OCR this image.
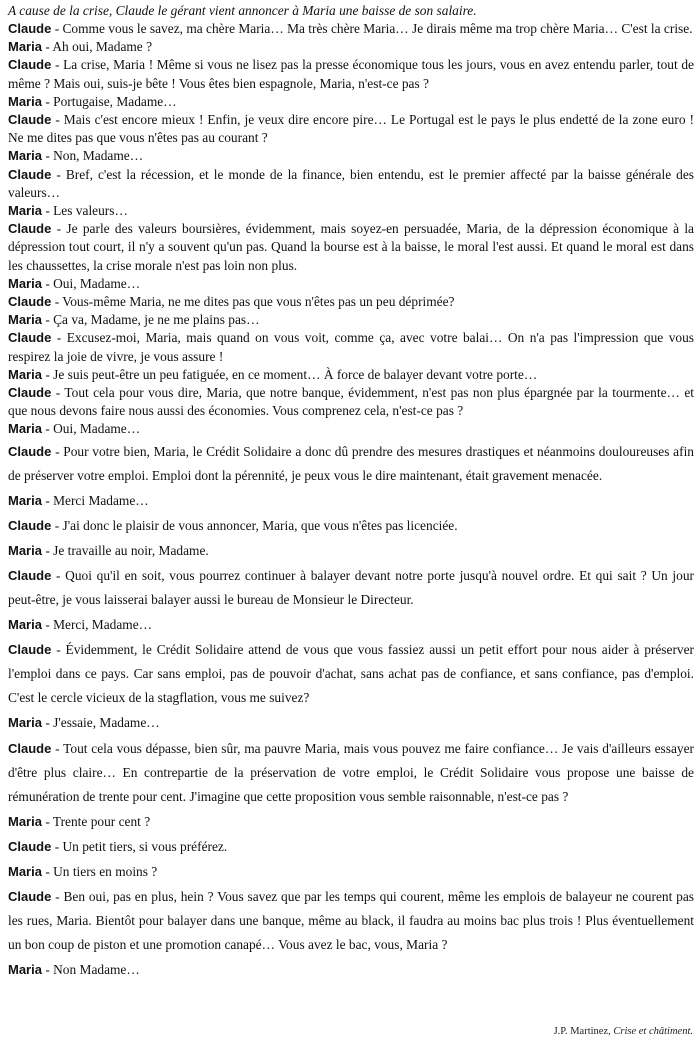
A cause de la crise, Claude le gérant vient annoncer à Maria une baisse de son salaire.

Claude - Comme vous le savez, ma chère Maria… Ma très chère Maria… Je dirais même ma trop chère Maria… C'est la crise.

Maria - Ah oui, Madame ?

Claude - La crise, Maria ! Même si vous ne lisez pas la presse économique tous les jours, vous en avez entendu parler, tout de même ? Mais oui, suis-je bête ! Vous êtes bien espagnole, Maria, n'est-ce pas ?

Maria - Portugaise, Madame…

Claude - Mais c'est encore mieux ! Enfin, je veux dire encore pire… Le Portugal est le pays le plus endetté de la zone euro ! Ne me dites pas que vous n'êtes pas au courant ?

Maria - Non, Madame…

Claude - Bref, c'est la récession, et le monde de la finance, bien entendu, est le premier affecté par la baisse générale des valeurs…

Maria - Les valeurs…

Claude - Je parle des valeurs boursières, évidemment, mais soyez-en persuadée, Maria, de la dépression économique à la dépression tout court, il n'y a souvent qu'un pas. Quand la bourse est à la baisse, le moral l'est aussi. Et quand le moral est dans les chaussettes, la crise morale n'est pas loin non plus.

Maria - Oui, Madame…

Claude - Vous-même Maria, ne me dites pas que vous n'êtes pas un peu déprimée?

Maria - Ça va, Madame, je ne me plains pas…

Claude - Excusez-moi, Maria, mais quand on vous voit, comme ça, avec votre balai… On n'a pas l'impression que vous respirez la joie de vivre, je vous assure !

Maria - Je suis peut-être un peu fatiguée, en ce moment… À force de balayer devant votre porte…

Claude - Tout cela pour vous dire, Maria, que notre banque, évidemment, n'est pas non plus épargnée par la tourmente… et que nous devons faire nous aussi des économies. Vous comprenez cela, n'est-ce pas ?

Maria - Oui, Madame…

Claude - Pour votre bien, Maria, le Crédit Solidaire a donc dû prendre des mesures drastiques et néanmoins douloureuses afin de préserver votre emploi. Emploi dont la pérennité, je peux vous le dire maintenant, était gravement menacée.

Maria - Merci Madame…

Claude - J'ai donc le plaisir de vous annoncer, Maria, que vous n'êtes pas licenciée.

Maria - Je travaille au noir, Madame.

Claude - Quoi qu'il en soit, vous pourrez continuer à balayer devant notre porte jusqu'à nouvel ordre. Et qui sait ? Un jour peut-être, je vous laisserai balayer aussi le bureau de Monsieur le Directeur.

Maria - Merci, Madame…

Claude - Évidemment, le Crédit Solidaire attend de vous que vous fassiez aussi un petit effort pour nous aider à préserver l'emploi dans ce pays. Car sans emploi, pas de pouvoir d'achat, sans achat pas de confiance, et sans confiance, pas d'emploi. C'est le cercle vicieux de la stagflation, vous me suivez?

Maria - J'essaie, Madame…

Claude - Tout cela vous dépasse, bien sûr, ma pauvre Maria, mais vous pouvez me faire confiance… Je vais d'ailleurs essayer d'être plus claire… En contrepartie de la préservation de votre emploi, le Crédit Solidaire vous propose une baisse de rémunération de trente pour cent. J'imagine que cette proposition vous semble raisonnable, n'est-ce pas ?

Maria - Trente pour cent ?

Claude - Un petit tiers, si vous préférez.

Maria - Un tiers en moins ?

Claude - Ben oui, pas en plus, hein ? Vous savez que par les temps qui courent, même les emplois de balayeur ne courent pas les rues, Maria. Bientôt pour balayer dans une banque, même au black, il faudra au moins bac plus trois ! Plus éventuellement un bon coup de piston et une promotion canapé… Vous avez le bac, vous, Maria ?

Maria - Non Madame…

J.P. Martinez, Crise et châtiment.
